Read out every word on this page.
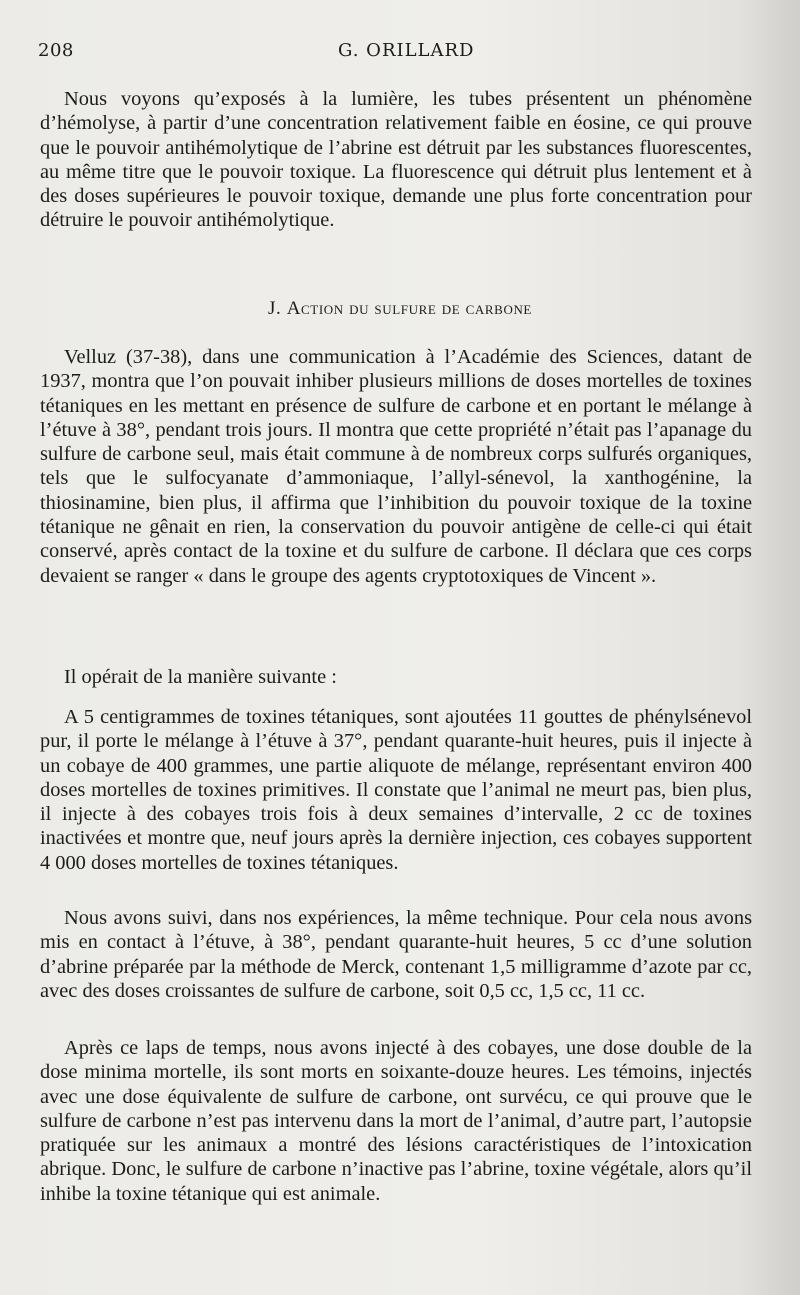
208	G. ORILLARD

Nous voyons qu’exposés à la lumière, les tubes présentent un phénomène d’hémolyse, à partir d’une concentration relativement faible en éosine, ce qui prouve que le pouvoir antihémolytique de l’abrine est détruit par les substances fluorescentes, au même titre que le pouvoir toxique. La fluorescence qui détruit plus lentement et à des doses supérieures le pouvoir toxique, demande une plus forte concentration pour détruire le pouvoir antihémolytique.

J. Action du sulfure de carbone

Velluz (37-38), dans une communication à l’Académie des Sciences, datant de 1937, montra que l’on pouvait inhiber plusieurs millions de doses mortelles de toxines tétaniques en les mettant en présence de sulfure de carbone et en portant le mélange à l’étuve à 38°, pendant trois jours. Il montra que cette propriété n’était pas l’apanage du sulfure de carbone seul, mais était commune à de nombreux corps sulfurés organiques, tels que le sulfocyanate d’ammoniaque, l’allyl-sénevol, la xanthogénine, la thiosinamine, bien plus, il affirma que l’inhibition du pouvoir toxique de la toxine tétanique ne gênait en rien, la conservation du pouvoir antigène de celle-ci qui était conservé, après contact de la toxine et du sulfure de carbone. Il déclara que ces corps devaient se ranger « dans le groupe des agents cryptotoxiques de Vincent ».

Il opérait de la manière suivante :

A 5 centigrammes de toxines tétaniques, sont ajoutées 11 gouttes de phénylsénevol pur, il porte le mélange à l’étuve à 37°, pendant quarante-huit heures, puis il injecte à un cobaye de 400 grammes, une partie aliquote de mélange, représentant environ 400 doses mortelles de toxines primitives. Il constate que l’animal ne meurt pas, bien plus, il injecte à des cobayes trois fois à deux semaines d’intervalle, 2 cc de toxines inactivées et montre que, neuf jours après la dernière injection, ces cobayes supportent 4 000 doses mortelles de toxines tétaniques.

Nous avons suivi, dans nos expériences, la même technique. Pour cela nous avons mis en contact à l’étuve, à 38°, pendant quarante-huit heures, 5 cc d’une solution d’abrine préparée par la méthode de Merck, contenant 1,5 milligramme d’azote par cc, avec des doses croissantes de sulfure de carbone, soit 0,5 cc, 1,5 cc, 11 cc.

Après ce laps de temps, nous avons injecté à des cobayes, une dose double de la dose minima mortelle, ils sont morts en soixante-douze heures. Les témoins, injectés avec une dose équivalente de sulfure de carbone, ont survécu, ce qui prouve que le sulfure de carbone n’est pas intervenu dans la mort de l’animal, d’autre part, l’autopsie pratiquée sur les animaux a montré des lésions caractéristiques de l’intoxication abrique. Donc, le sulfure de carbone n’inactive pas l’abrine, toxine végétale, alors qu’il inhibe la toxine tétanique qui est animale.
